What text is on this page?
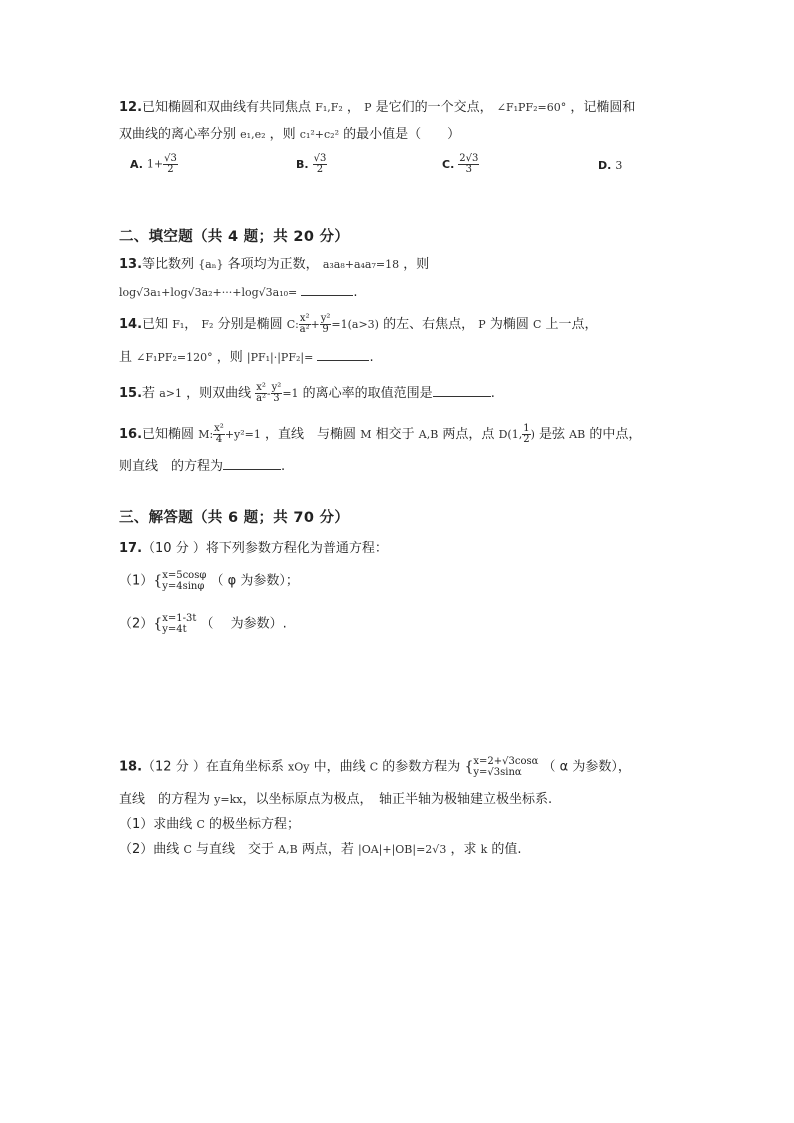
12.已知椭圆和双曲线有共同焦点 F₁,F₂ ， P 是它们的一个交点， ∠F₁PF₂=60° ，记椭圆和
双曲线的离心率分别 e₁,e₂ ，则 c₁²+c₂² 的最小值是（　　）
A. $1+ \frac{√3}{2}$	B. $\frac{√3}{2}$	C. $\frac{2√3}{3}$	D. 3
二、填空题（共 4 题；共 20 分）
13.等比数列 {aₙ} 各项均为正数， a₃a₈+a₄a₇=18 ，则
log√3a₁+log√3a₂+···+log√3a₁₀=	.
14.已知 F₁， F₂ 分别是椭圆 C: $\frac{\text{x²}}{\text{a²}} + \frac{\text{y²}}{9} =1(a>3)$ 的左、右焦点， P 为椭圆 C 上一点，
且 ∠F₁PF₂=120° ，则 |PF₁|·|PF₂|=	.
15.若 a>1 ，则双曲线 $\frac{\text{x²}}{\text{a²}} - \frac{\text{y²}}{3} =1$ 的离心率的取值范围是	.
16.已知椭圆 M: $\frac{\text{x²}}{4} +y^2=1$ ，直线　与椭圆 M 相交于 A,B 两点，点 D(1, $\frac{1}{2}$ ) 是弦 AB 的中点，
则直线　的方程为	.
三、解答题（共 6 题；共 70 分）
17.（10 分 ）将下列参数方程化为普通方程：
（1）{ x=5cosφ
y=4sinφ （ φ 为参数）；
（2）{ x=1-3t
y=4t	（　 为参数）.
18.（12 分 ）在直角坐标系 xOy 中，曲线 C 的参数方程为 { x=2+√3cosα
y=√3sinα	（ α 为参数），
直线　的方程为 y=kx，以坐标原点为极点，　轴正半轴为极轴建立极坐标系.
（1）求曲线 C 的极坐标方程；
（2）曲线 C 与直线　交于 A,B 两点，若 |OA|+|OB|=2√3 ，求 k 的值.
